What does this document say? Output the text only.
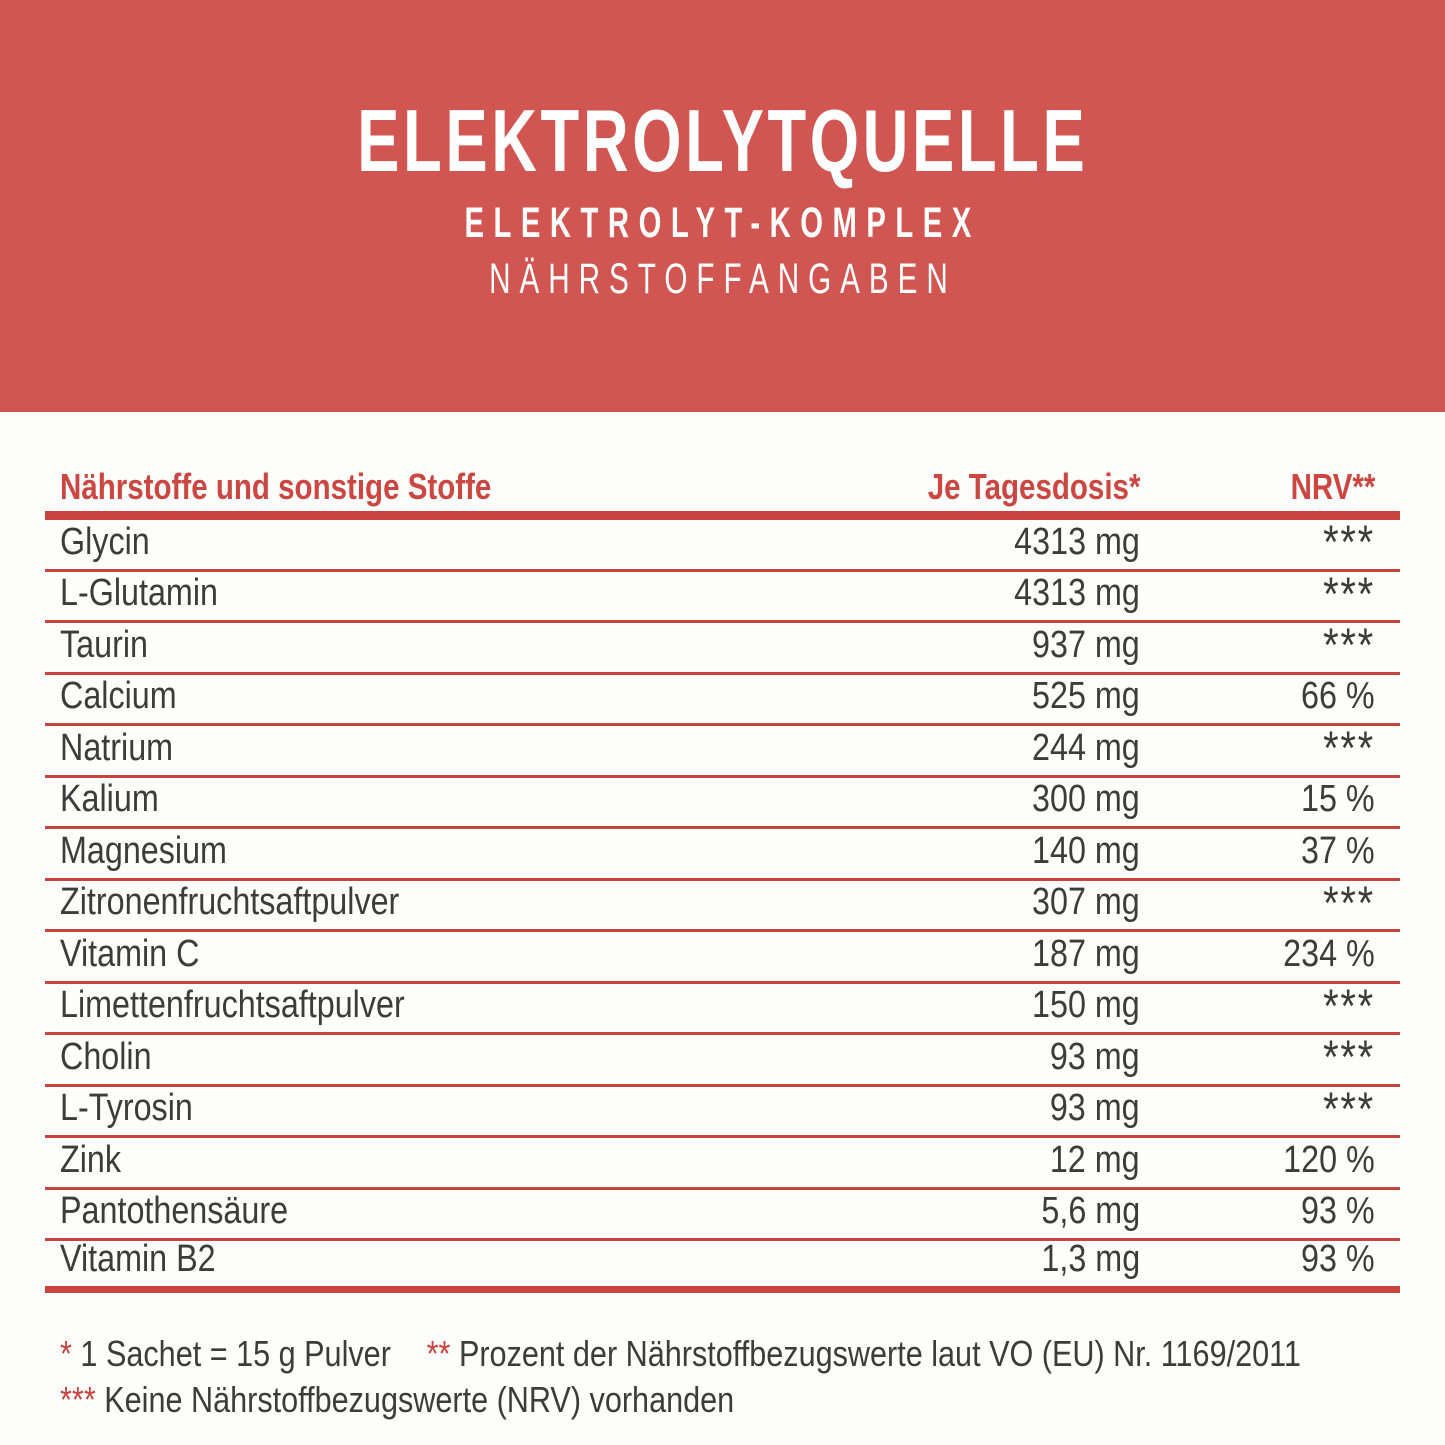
ELEKTROLYTQUELLE
ELEKTROLYT-KOMPLEX
NÄHRSTOFFANGABEN
Nährstoffe und sonstige Stoffe	Je Tagesdosis*	NRV**
Glycin	4313 mg	***
L-Glutamin	4313 mg	***
Taurin	937 mg	***
Calcium	525 mg	66 %
Natrium	244 mg	***
Kalium	300 mg	15 %
Magnesium	140 mg	37 %
Zitronenfruchtsaftpulver	307 mg	***
Vitamin C	187 mg	234 %
Limettenfruchtsaftpulver	150 mg	***
Cholin	93 mg	***
L-Tyrosin	93 mg	***
Zink	12 mg	120 %
Pantothensäure	5,6 mg	93 %
Vitamin B2	1,3 mg	93 %
* 1 Sachet = 15 g Pulver ** Prozent der Nährstoffbezugswerte laut VO (EU) Nr. 1169/2011
*** Keine Nährstoffbezugswerte (NRV) vorhanden
